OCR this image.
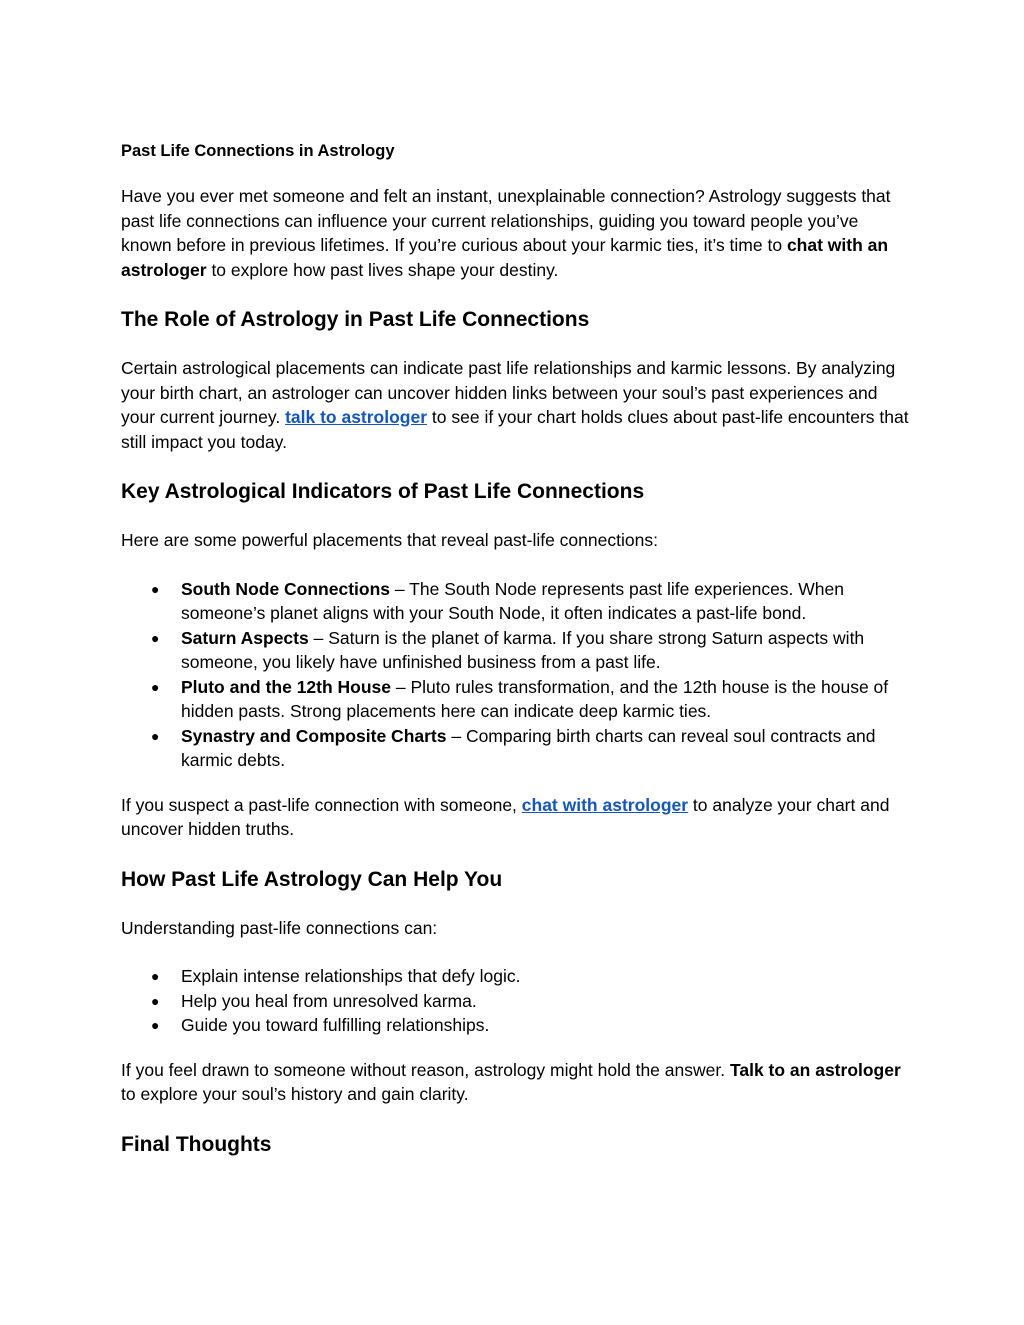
Past Life Connections in Astrology

Have you ever met someone and felt an instant, unexplainable connection? Astrology suggests that past life connections can influence your current relationships, guiding you toward people you’ve known before in previous lifetimes. If you’re curious about your karmic ties, it’s time to chat with an astrologer to explore how past lives shape your destiny.

The Role of Astrology in Past Life Connections

Certain astrological placements can indicate past life relationships and karmic lessons. By analyzing your birth chart, an astrologer can uncover hidden links between your soul’s past experiences and your current journey. talk to astrologer to see if your chart holds clues about past-life encounters that still impact you today.

Key Astrological Indicators of Past Life Connections

Here are some powerful placements that reveal past-life connections:

● South Node Connections – The South Node represents past life experiences. When someone’s planet aligns with your South Node, it often indicates a past-life bond.
● Saturn Aspects – Saturn is the planet of karma. If you share strong Saturn aspects with someone, you likely have unfinished business from a past life.
● Pluto and the 12th House – Pluto rules transformation, and the 12th house is the house of hidden pasts. Strong placements here can indicate deep karmic ties.
● Synastry and Composite Charts – Comparing birth charts can reveal soul contracts and karmic debts.

If you suspect a past-life connection with someone, chat with astrologer to analyze your chart and uncover hidden truths.

How Past Life Astrology Can Help You

Understanding past-life connections can:

● Explain intense relationships that defy logic.
● Help you heal from unresolved karma.
● Guide you toward fulfilling relationships.

If you feel drawn to someone without reason, astrology might hold the answer. Talk to an astrologer to explore your soul’s history and gain clarity.

Final Thoughts
